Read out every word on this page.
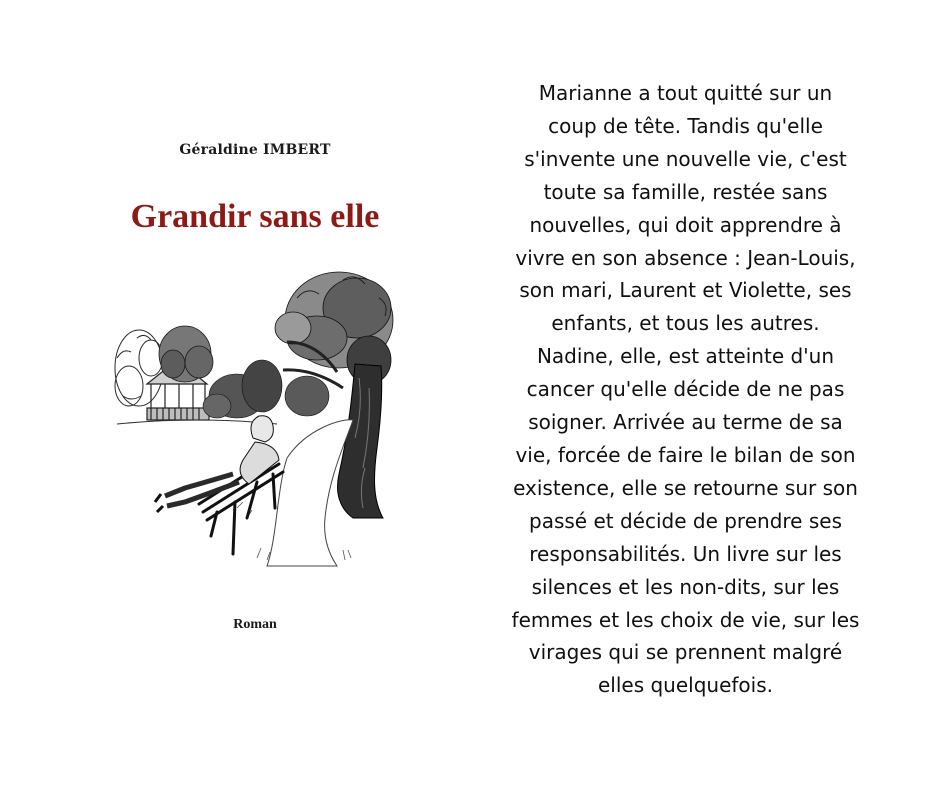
Géraldine IMBERT
Grandir sans elle
Roman
Marianne a tout quitté sur un
coup de tête. Tandis qu'elle
s'invente une nouvelle vie, c'est
toute sa famille, restée sans
nouvelles, qui doit apprendre à
vivre en son absence : Jean-Louis,
son mari, Laurent et Violette, ses
enfants, et tous les autres.
Nadine, elle, est atteinte d'un
cancer qu'elle décide de ne pas
soigner. Arrivée au terme de sa
vie, forcée de faire le bilan de son
existence, elle se retourne sur son
passé et décide de prendre ses
responsabilités. Un livre sur les
silences et les non-dits, sur les
femmes et les choix de vie, sur les
virages qui se prennent malgré
elles quelquefois.
